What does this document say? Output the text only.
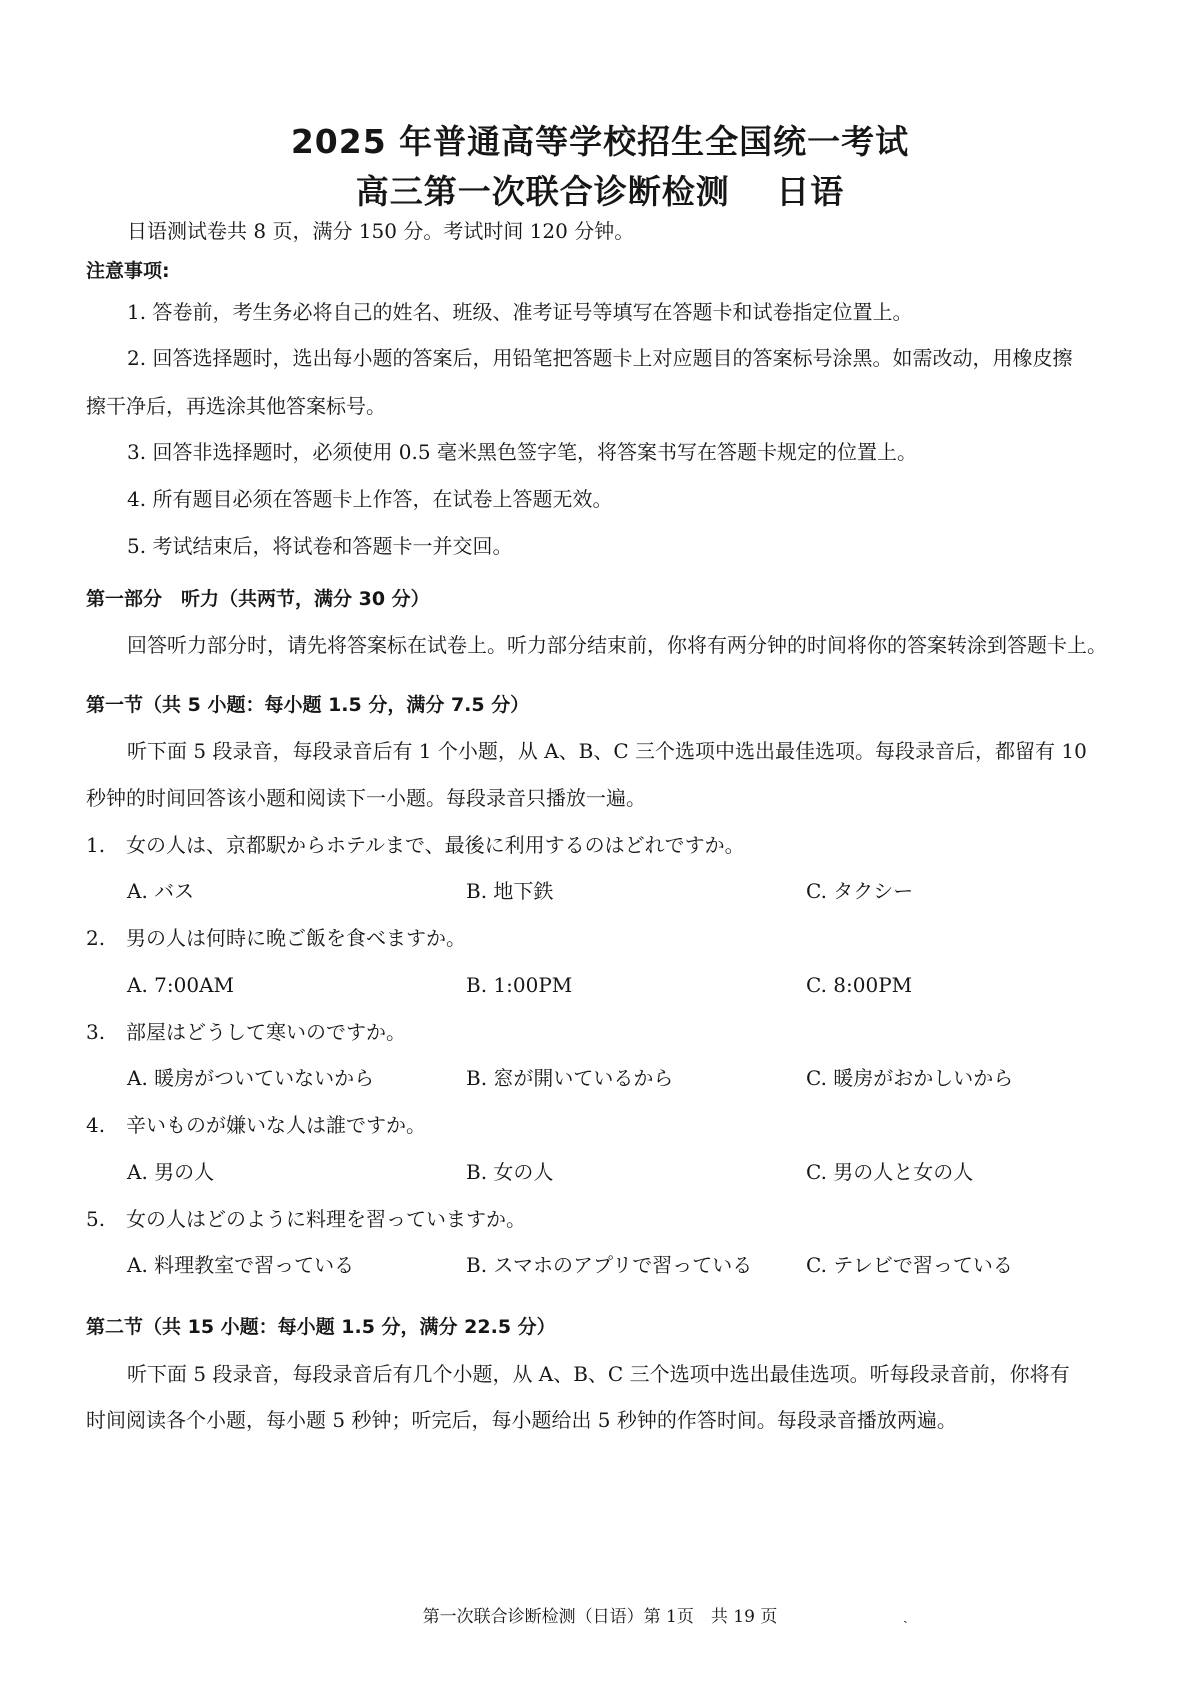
2025 年普通高等学校招生全国统一考试
高三第一次联合诊断检测　 日语

日语测试卷共 8 页，满分 150 分。考试时间 120 分钟。

注意事项:

1. 答卷前，考生务必将自己的姓名、班级、准考证号等填写在答题卡和试卷指定位置上。

2. 回答选择题时，选出每小题的答案后，用铅笔把答题卡上对应题目的答案标号涂黑。如需改动，用橡皮擦

擦干净后，再选涂其他答案标号。

3. 回答非选择题时，必须使用 0.5 毫米黑色签字笔，将答案书写在答题卡规定的位置上。

4. 所有题目必须在答题卡上作答，在试卷上答题无效。

5. 考试结束后，将试卷和答题卡一并交回。

第一部分　听力（共两节，满分 30 分）

回答听力部分时，请先将答案标在试卷上。听力部分结束前，你将有两分钟的时间将你的答案转涂到答题卡上。

第一节（共 5 小题：每小题 1.5 分，满分 7.5 分）

听下面 5 段录音，每段录音后有 1 个小题，从 A、B、C 三个选项中选出最佳选项。每段录音后，都留有 10

秒钟的时间回答该小题和阅读下一小题。每段录音只播放一遍。

1. 女の人は、京都駅からホテルまで、最後に利用するのはどれですか。
A. バス	B. 地下鉄	C. タクシー
2. 男の人は何時に晩ご飯を食べますか。
A. 7:00AM	B. 1:00PM	C. 8:00PM
3. 部屋はどうして寒いのですか。
A. 暖房がついていないから	B. 窓が開いているから	C. 暖房がおかしいから
4. 辛いものが嫌いな人は誰ですか。
A. 男の人	B. 女の人	C. 男の人と女の人
5. 女の人はどのように料理を習っていますか。
A. 料理教室で習っている	B. スマホのアプリで習っている	C. テレビで習っている

第二节（共 15 小题：每小题 1.5 分，满分 22.5 分）

听下面 5 段录音，每段录音后有几个小题，从 A、B、C 三个选项中选出最佳选项。听每段录音前，你将有

时间阅读各个小题，每小题 5 秒钟；听完后，每小题给出 5 秒钟的作答时间。每段录音播放两遍。

第一次联合诊断检测（日语）第 1页　共 19 页	ˏ
